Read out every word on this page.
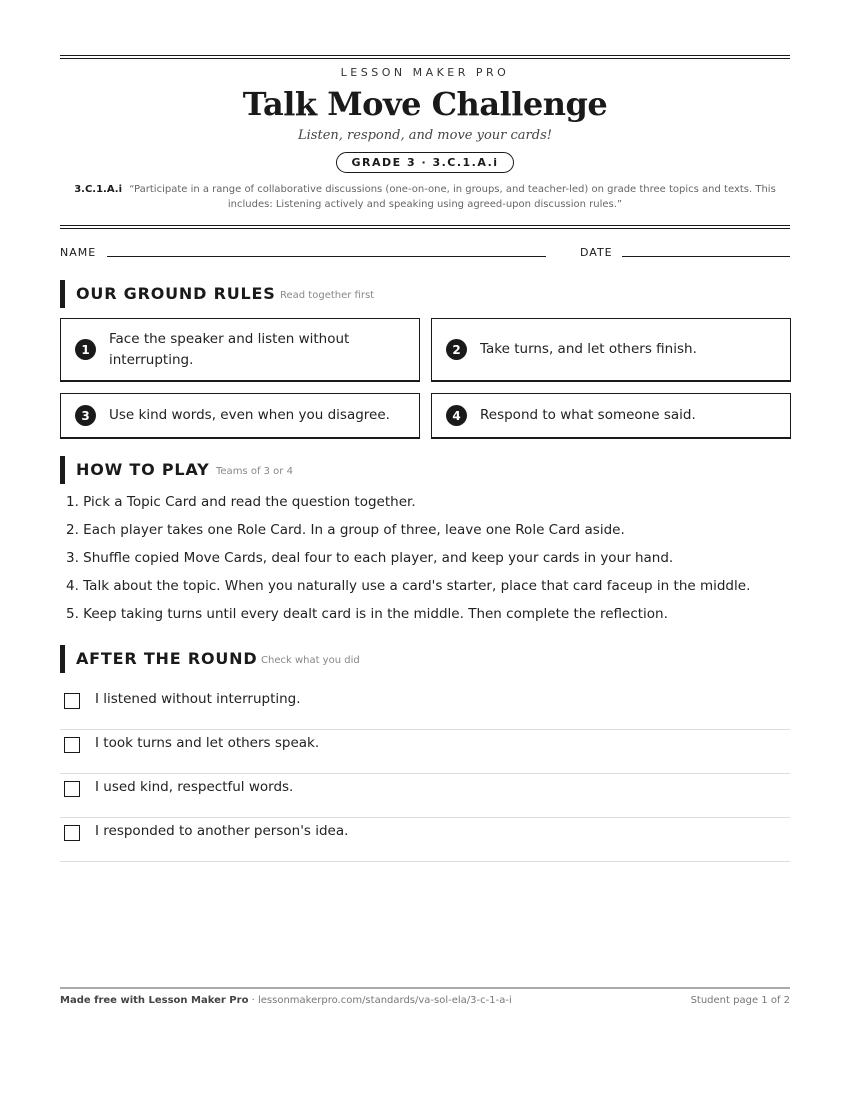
LESSON MAKER PRO
Talk Move Challenge
Listen, respond, and move your cards!
GRADE 3 · 3.C.1.A.i
3.C.1.A.i “Participate in a range of collaborative discussions (one-on-one, in groups, and teacher-led) on grade three topics and texts. This includes: Listening actively and speaking using agreed-upon discussion rules.”
NAME	DATE
OUR GROUND RULES Read together first
1
Face the speaker and listen without interrupting.
2	Take turns, and let others finish.
3	Use kind words, even when you disagree.	4	Respond to what someone said.
HOW TO PLAY Teams of 3 or 4
1. Pick a Topic Card and read the question together.
2. Each player takes one Role Card. In a group of three, leave one Role Card aside.
3. Shuffle copied Move Cards, deal four to each player, and keep your cards in your hand.
4. Talk about the topic. When you naturally use a card's starter, place that card faceup in the middle.
5. Keep taking turns until every dealt card is in the middle. Then complete the reflection.
AFTER THE ROUND Check what you did
I listened without interrupting.
I took turns and let others speak.
I used kind, respectful words.
I responded to another person's idea.
Made free with Lesson Maker Pro · lessonmakerpro.com/standards/va-sol-ela/3-c-1-a-i	Student page 1 of 2
